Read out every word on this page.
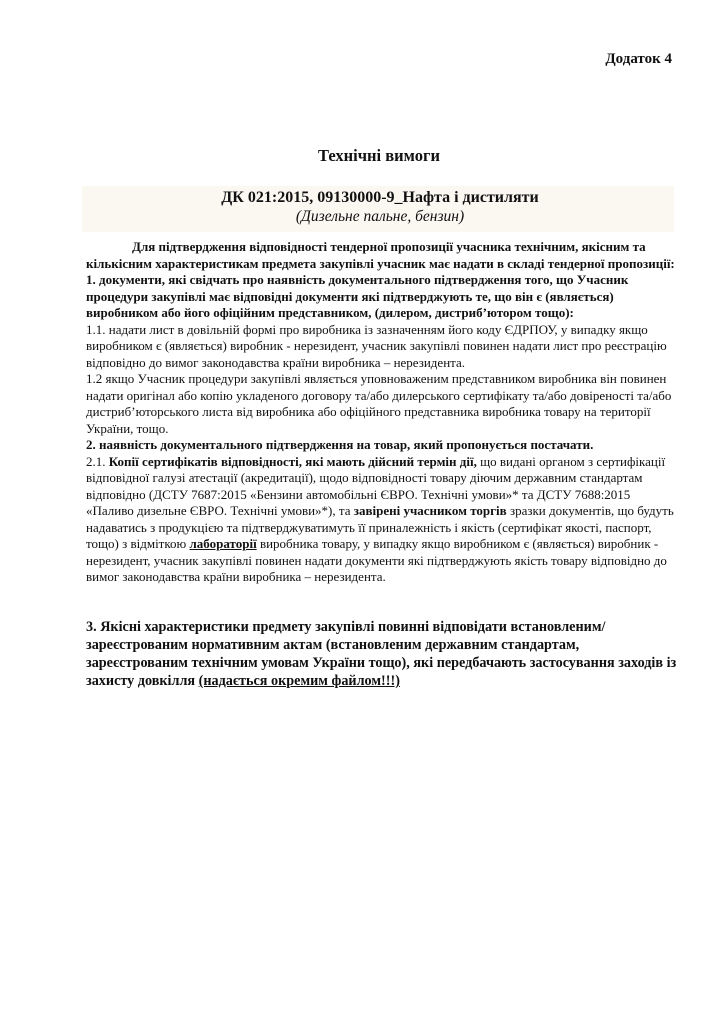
Додаток 4
Технічні вимоги
ДК 021:2015, 09130000-9_Нафта і дистиляти
(Дизельне пальне, бензин)

Для підтвердження відповідності тендерної пропозиції учасника технічним, якісним та кількісним характеристикам предмета закупівлі учасник має надати в складі тендерної пропозиції:

1. документи, які свідчать про наявність документального підтвердження того, що Учасник процедури закупівлі має відповідні документи які підтверджують те, що він є (являється) виробником або його офіційним представником, (дилером, дистриб’ютором тощо):

1.1. надати лист в довільній формі про виробника із зазначенням його коду ЄДРПОУ, у випадку якщо виробником є (являється) виробник - нерезидент, учасник закупівлі повинен надати лист про реєстрацію відповідно до вимог законодавства країни виробника – нерезидента.

1.2 якщо Учасник процедури закупівлі являється уповноваженим представником виробника він повинен надати оригінал або копію укладеного договору та/або дилерського сертифікату та/або довіреності та/або дистриб’юторського листа від виробника або офіційного представника виробника товару на території України, тощо.

2. наявність документального підтвердження на товар, який пропонується постачати.

2.1. Копії сертифікатів відповідності, які мають дійсний термін дії, що видані органом з сертифікації відповідної галузі атестації (акредитації), щодо відповідності товару діючим державним стандартам відповідно (ДСТУ 7687:2015 «Бензини автомобільні ЄВРО. Технічні умови»* та ДСТУ 7688:2015 «Паливо дизельне ЄВРО. Технічні умови»*), та завірені учасником торгів зразки документів, що будуть надаватись з продукцією та підтверджуватимуть її приналежність і якість (сертифікат якості, паспорт, тощо) з відміткою лабораторії виробника товару, у випадку якщо виробником є (являється) виробник - нерезидент, учасник закупівлі повинен надати документи які підтверджують якість товару відповідно до вимог законодавства країни виробника – нерезидента.

3. Якісні характеристики предмету закупівлі повинні відповідати встановленим/зареєстрованим нормативним актам (встановленим державним стандартам, зареєстрованим технічним умовам України тощо), які передбачають застосування заходів із захисту довкілля (надається окремим файлом!!!)
